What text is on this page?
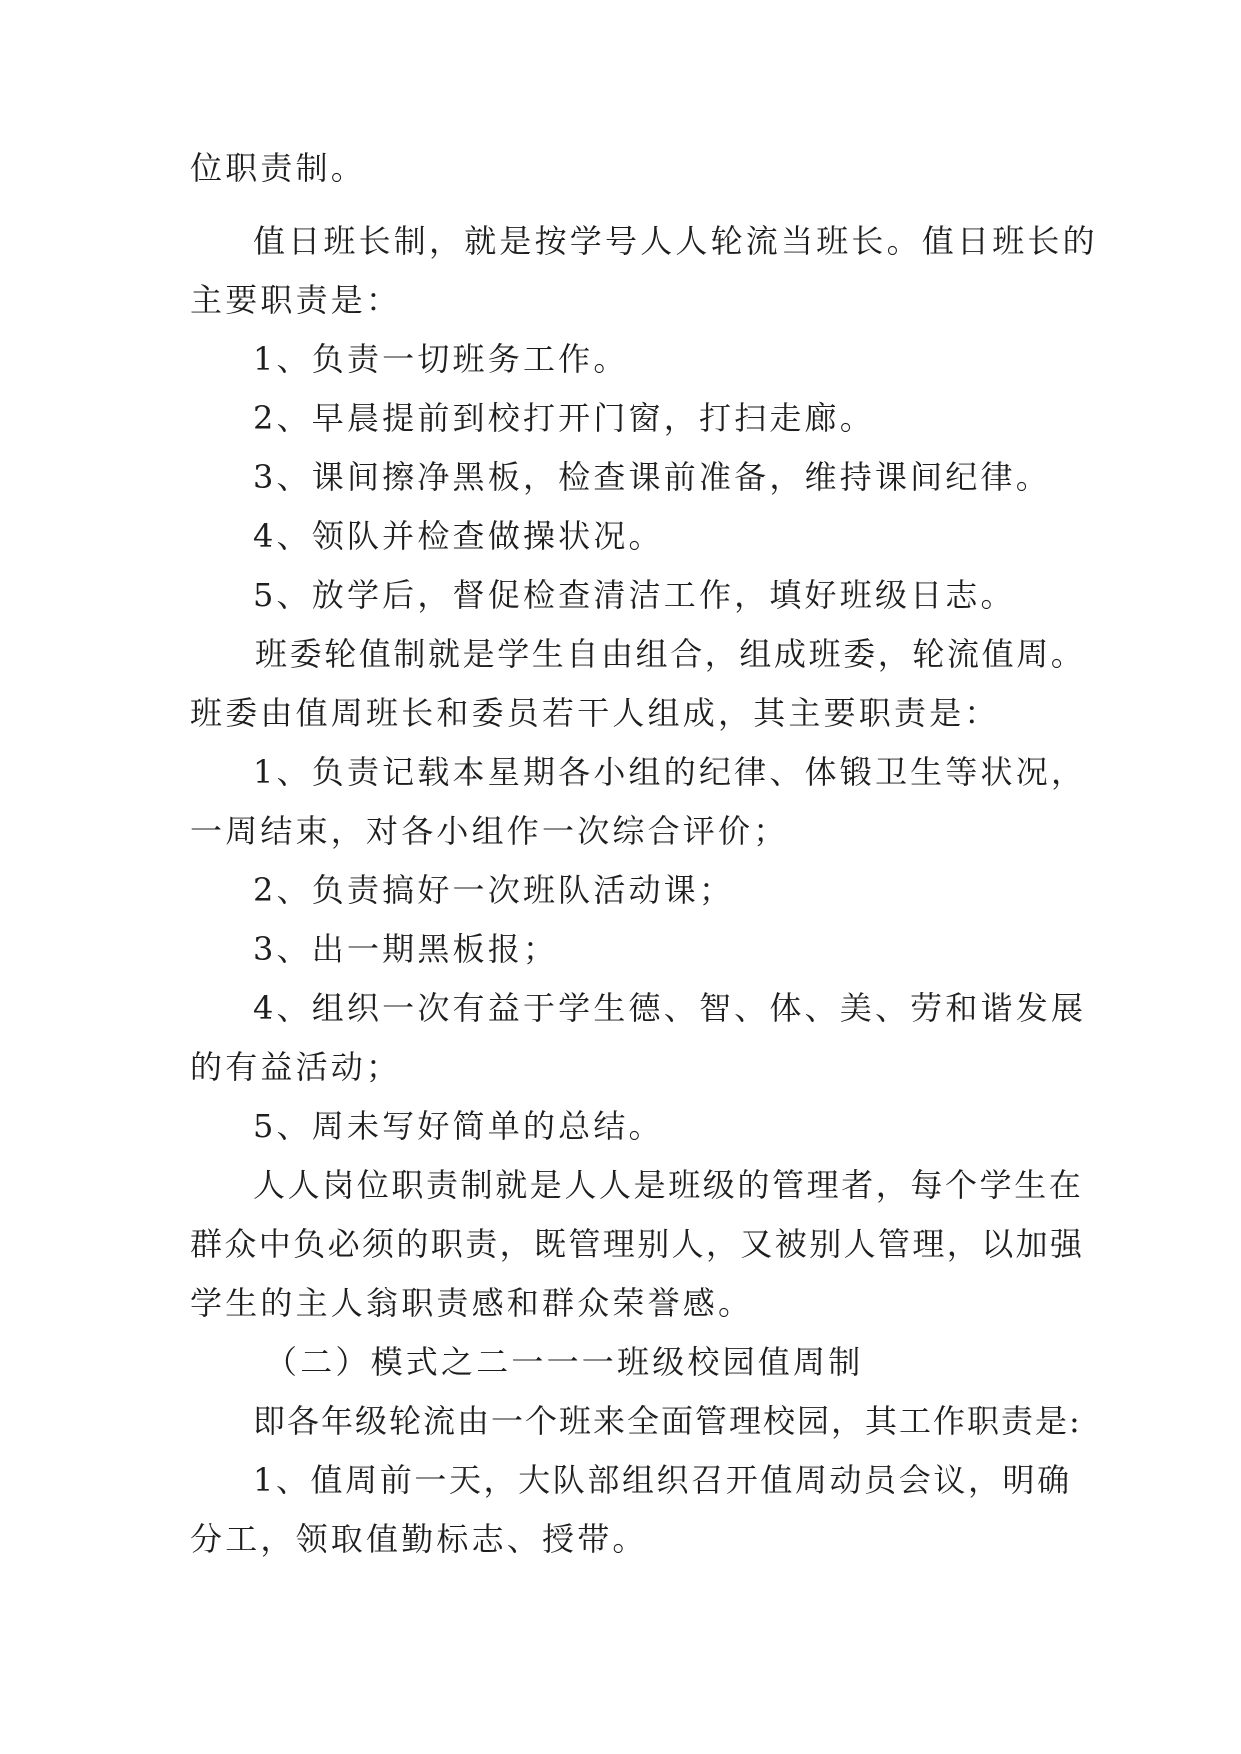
位职责制。

值日班长制，就是按学号人人轮流当班长。值日班长的

主要职责是：

1、负责一切班务工作。

2、早晨提前到校打开门窗，打扫走廊。

3、课间擦净黑板，检查课前准备，维持课间纪律。

4、领队并检查做操状况。

5、放学后，督促检查清洁工作，填好班级日志。

班委轮值制就是学生自由组合，组成班委，轮流值周。

班委由值周班长和委员若干人组成，其主要职责是：

1、负责记载本星期各小组的纪律、体锻卫生等状况，

一周结束，对各小组作一次综合评价；

2、负责搞好一次班队活动课；

3、出一期黑板报；

4、组织一次有益于学生德、智、体、美、劳和谐发展

的有益活动；

5、周未写好简单的总结。

人人岗位职责制就是人人是班级的管理者，每个学生在

群众中负必须的职责，既管理别人，又被别人管理，以加强

学生的主人翁职责感和群众荣誉感。

（二）模式之二一一一班级校园值周制

即各年级轮流由一个班来全面管理校园，其工作职责是:

1、值周前一天，大队部组织召开值周动员会议，明确

分工，领取值勤标志、授带。
